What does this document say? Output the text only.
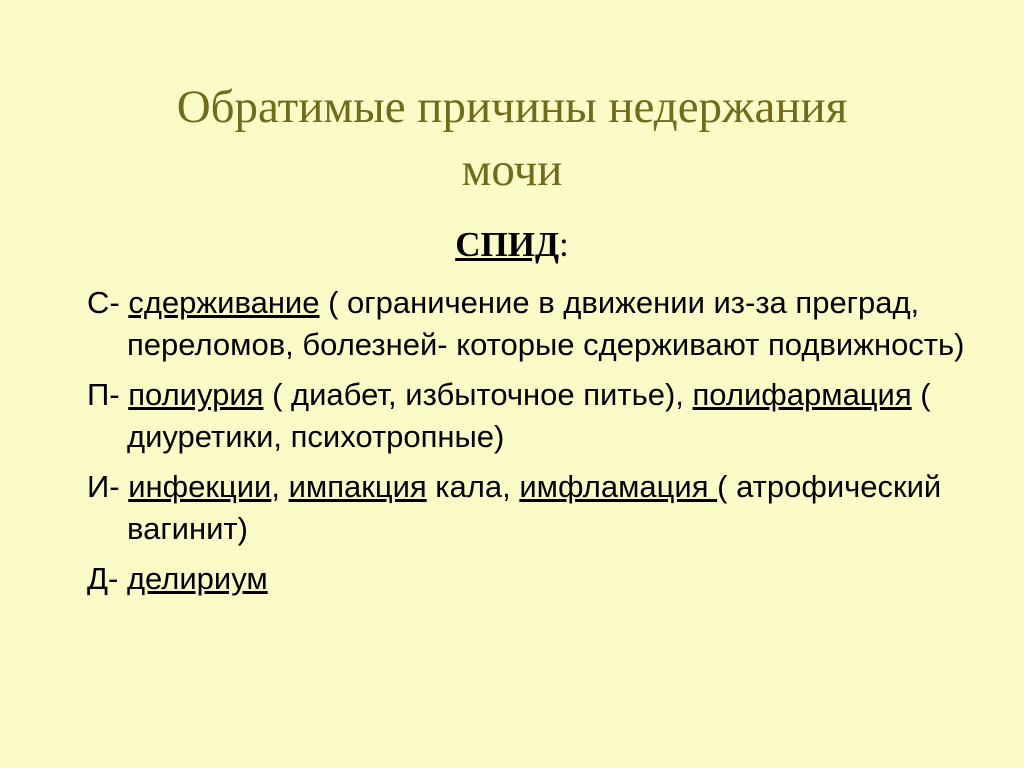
Обратимые причины недержания
мочи
СПИД:
С- сдерживание ( ограничение в движении из-за преград, переломов, болезней- которые сдерживают подвижность)
П- полиурия ( диабет, избыточное питье), полифармация ( диуретики, психотропные)
И- инфекции, импакция кала, имфламация ( атрофический вагинит)
Д- делириум
